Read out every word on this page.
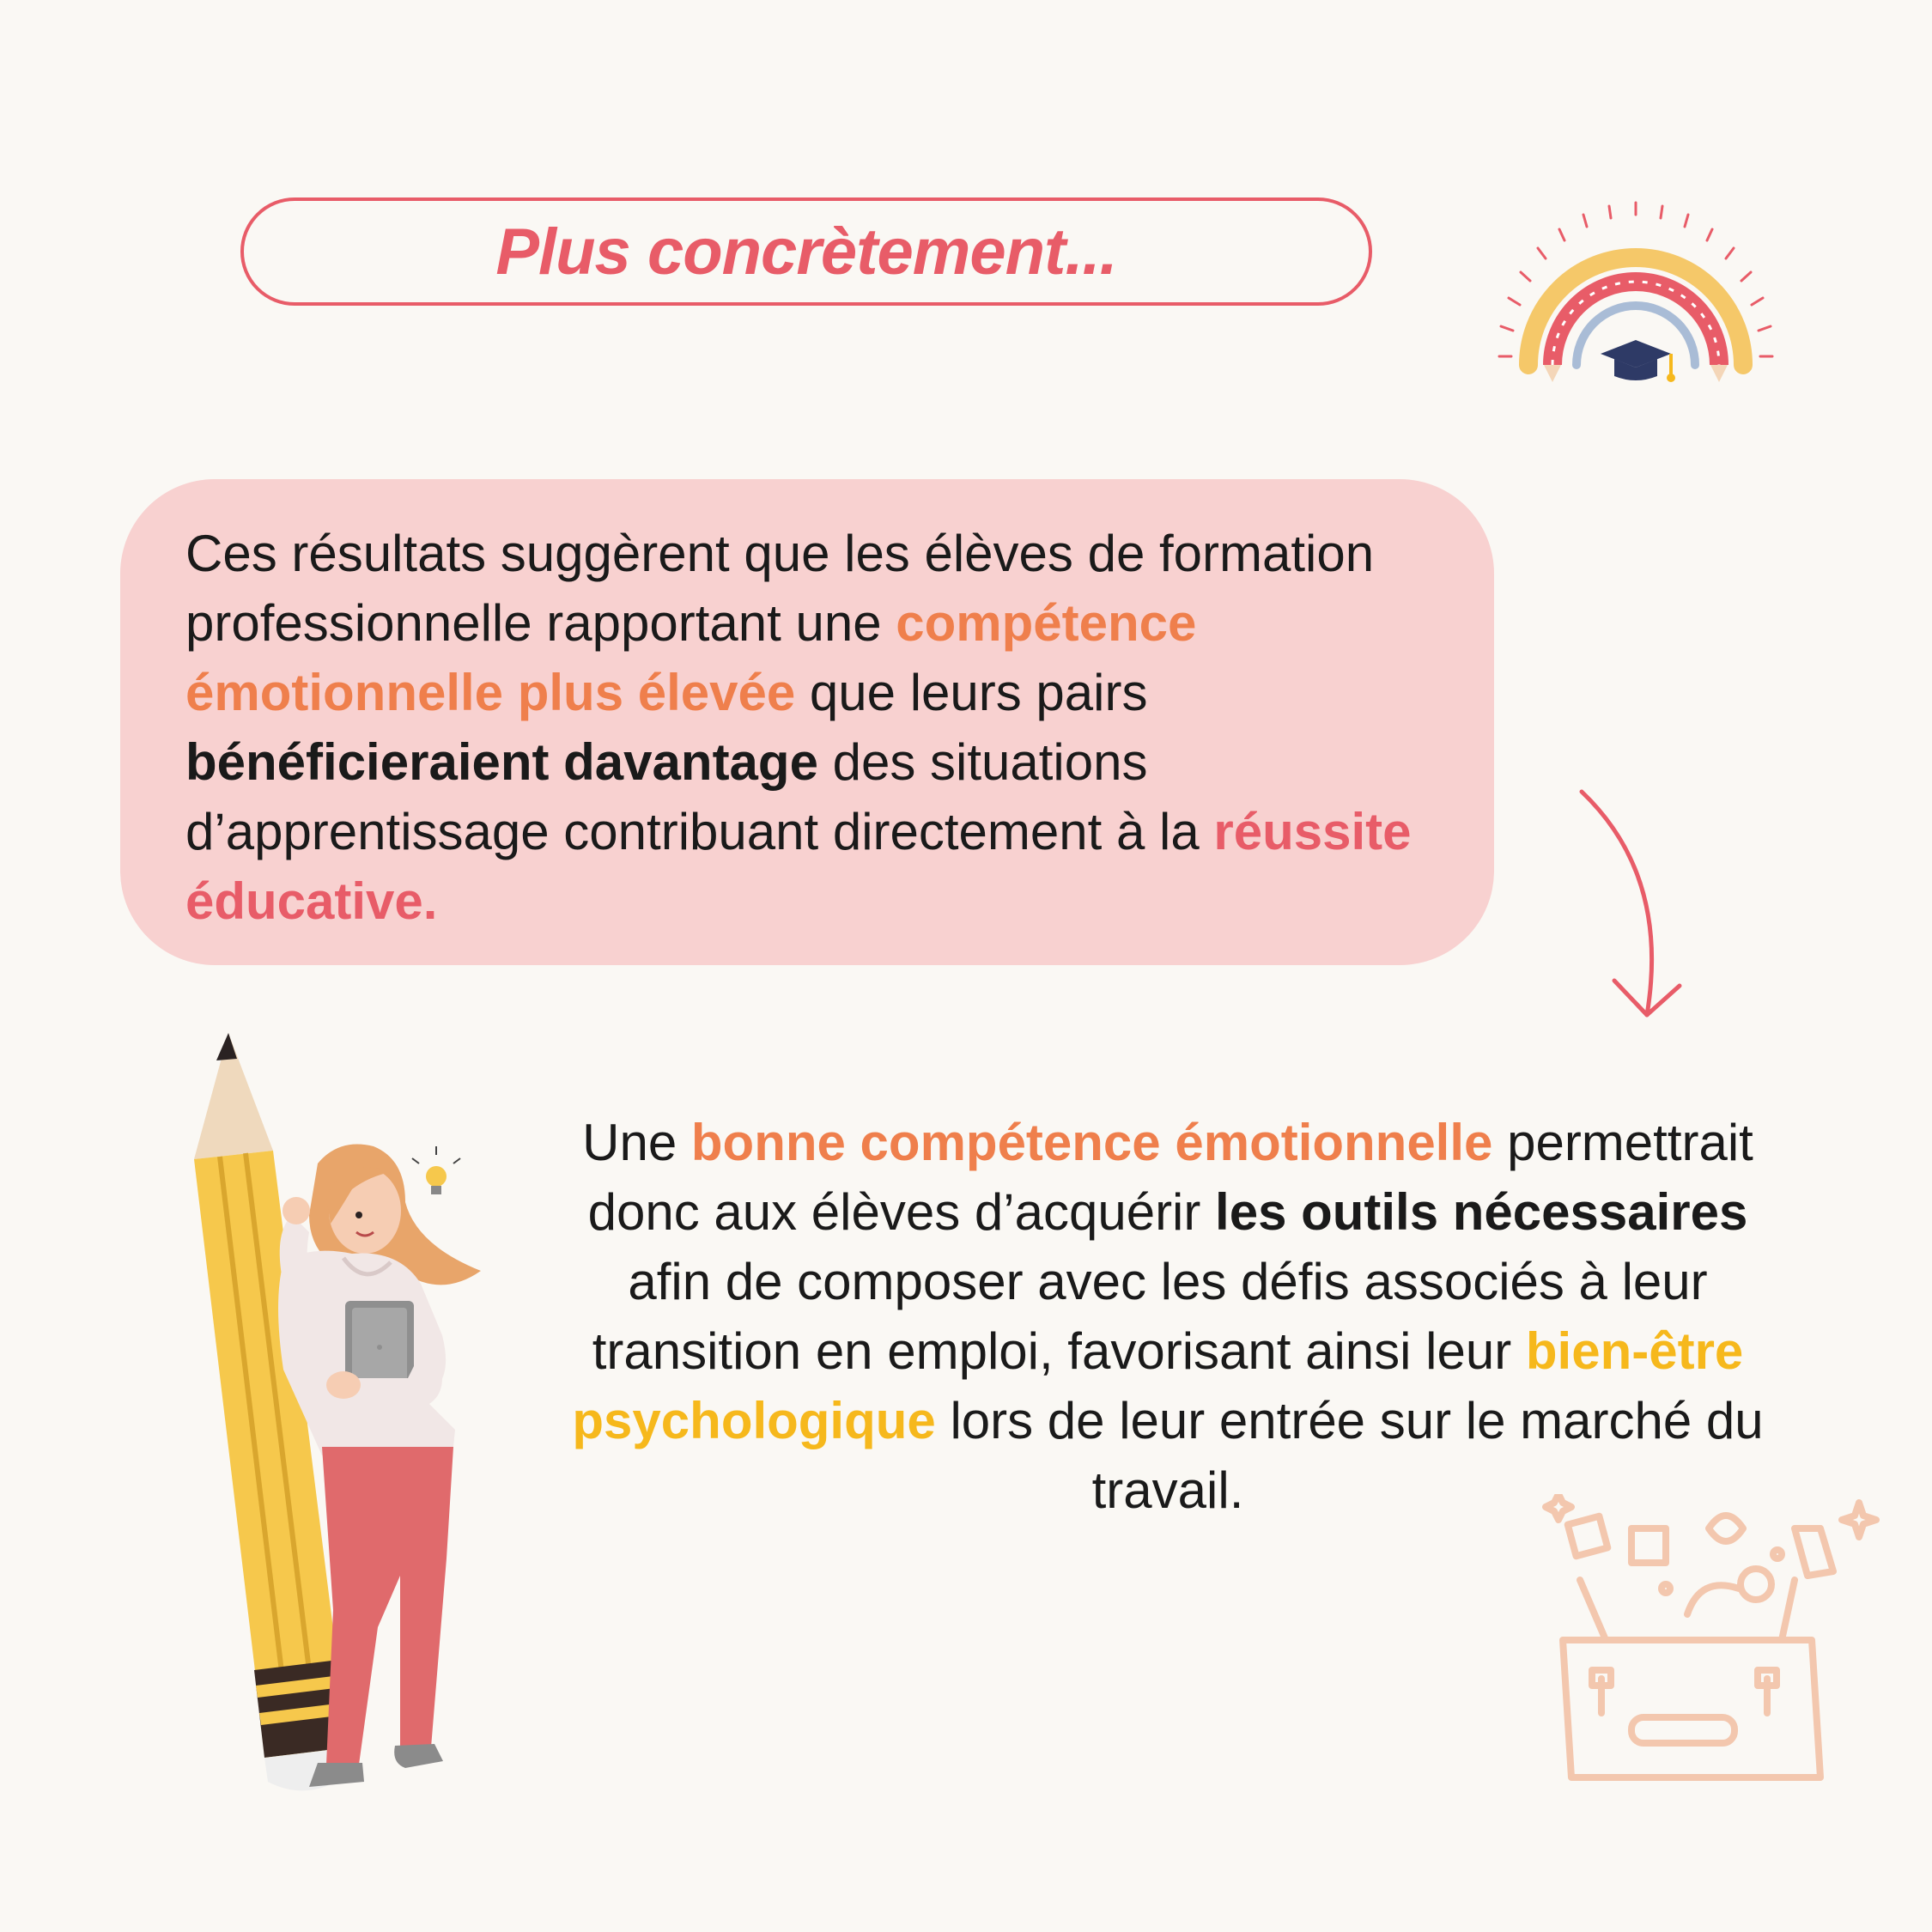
Plus concrètement...
Ces résultats suggèrent que les élèves de formation professionnelle rapportant une compétence émotionnelle plus élevée que leurs pairs bénéficieraient davantage des situations d’apprentissage contribuant directement à la réussite éducative.
Une bonne compétence émotionnelle permettrait donc aux élèves d’acquérir les outils nécessaires afin de composer avec les défis associés à leur transition en emploi, favorisant ainsi leur bien-être psychologique lors de leur entrée sur le marché du travail.
